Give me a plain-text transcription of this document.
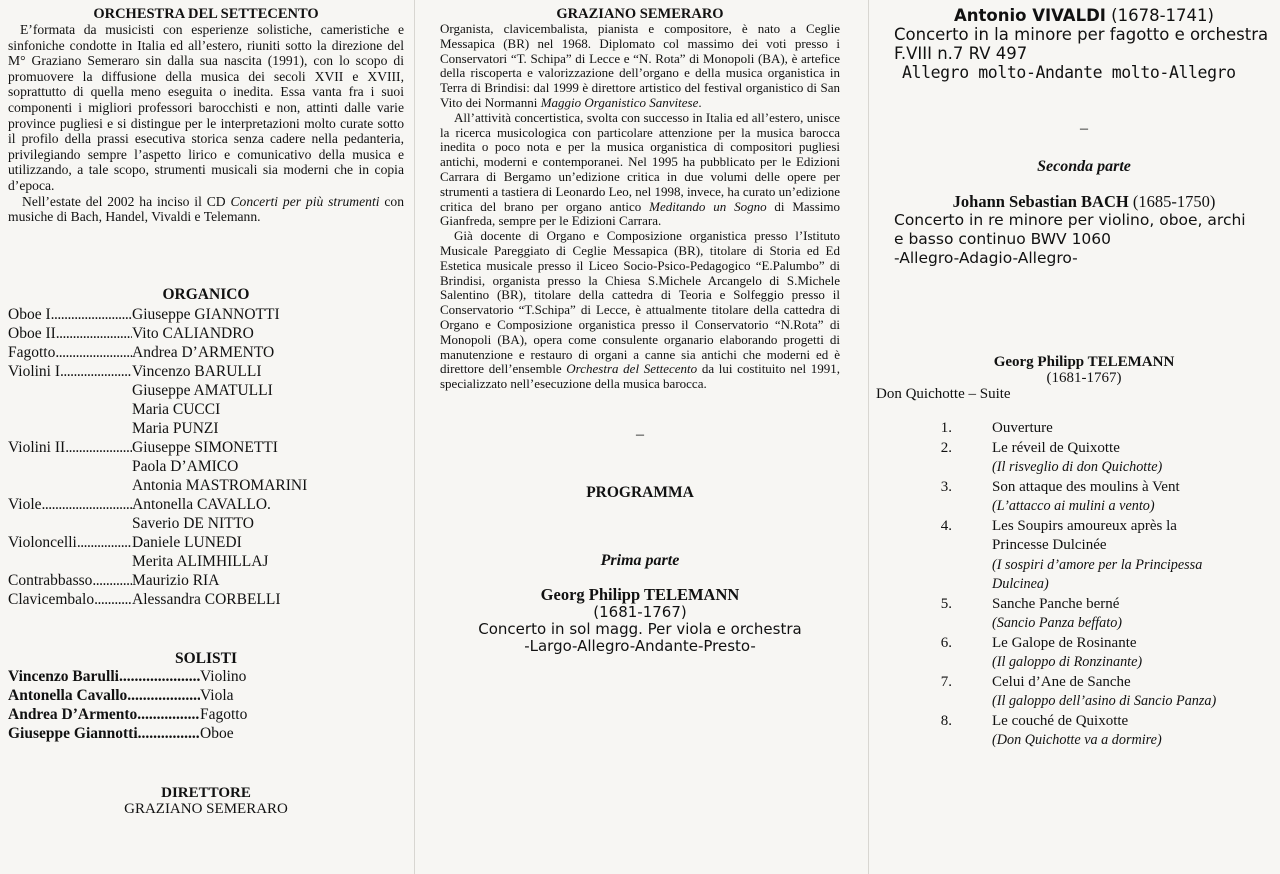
ORCHESTRA DEL SETTECENTO

E’formata da musicisti con esperienze solistiche, cameristiche e sinfoniche condotte in Italia ed all’estero, riuniti sotto la direzione del M° Graziano Semeraro sin dalla sua nascita (1991), con lo scopo di promuovere la diffusione della musica dei secoli XVII e XVIII, soprattutto di quella meno eseguita o inedita. Essa vanta fra i suoi componenti i migliori professori barocchisti e non, attinti dalle varie province pugliesi e si distingue per le interpretazioni molto curate sotto il profilo della prassi esecutiva storica senza cadere nella pedanteria, privilegiando sempre l’aspetto lirico e comunicativo della musica e utilizzando, a tale scopo, strumenti musicali sia moderni che in copia d’epoca.

Nell’estate del 2002 ha inciso il CD Concerti per più strumenti con musiche di Bach, Handel, Vivaldi e Telemann.

ORGANICO
Oboe I .....	Giuseppe GIANNOTTI
Oboe II .....	Vito CALIANDRO
Fagotto .....	Andrea D’ARMENTO
Violini I .....	Vincenzo BARULLI
Giuseppe AMATULLI
Maria CUCCI
Maria PUNZI
Violini II .....	Giuseppe SIMONETTI
Paola D’AMICO
Antonia MASTROMARINI
Viole .....	Antonella CAVALLO.
Saverio DE NITTO
Violoncelli .....	Daniele LUNEDI
Merita ALIMHILLAJ
Contrabbasso .....	Maurizio RIA
Clavicembalo .....	Alessandra CORBELLI
SOLISTI
Vincenzo Barulli .....	Violino
Antonella Cavallo .....	Viola
Andrea D’Armento .....	Fagotto
Giuseppe Giannotti .....	Oboe
DIRETTORE
GRAZIANO SEMERARO
GRAZIANO SEMERARO

Organista, clavicembalista, pianista e compositore, è nato a Ceglie Messapica (BR) nel 1968. Diplomato col massimo dei voti presso i Conservatori “T. Schipa” di Lecce e “N. Rota” di Monopoli (BA), è artefice della riscoperta e valorizzazione dell’organo e della musica organistica in Terra di Brindisi: dal 1999 è direttore artistico del festival organistico di San Vito dei Normanni Maggio Organistico Sanvitese.

All’attività concertistica, svolta con successo in Italia ed all’estero, unisce la ricerca musicologica con particolare attenzione per la musica barocca inedita o poco nota e per la musica organistica di compositori pugliesi antichi, moderni e contemporanei. Nel 1995 ha pubblicato per le Edizioni Carrara di Bergamo un’edizione critica in due volumi delle opere per strumenti a tastiera di Leonardo Leo, nel 1998, invece, ha curato un’edizione critica del brano per organo antico Meditando un Sogno di Massimo Gianfreda, sempre per le Edizioni Carrara.

Già docente di Organo e Composizione organistica presso l’Istituto Musicale Pareggiato di Ceglie Messapica (BR), titolare di Storia ed Ed Estetica musicale presso il Liceo Socio-Psico-Pedagogico “E.Palumbo” di Brindisi, organista presso la Chiesa S.Michele Arcangelo di S.Michele Salentino (BR), titolare della cattedra di Teoria e Solfeggio presso il Conservatorio “T.Schipa” di Lecce, è attualmente titolare della cattedra di Organo e Composizione organistica presso il Conservatorio “N.Rota” di Monopoli (BA), opera come consulente organario elaborando progetti di manutenzione e restauro di organi a canne sia antichi che moderni ed è direttore dell’ensemble Orchestra del Settecento da lui costituito nel 1991, specializzato nell’esecuzione della musica barocca.

–
PROGRAMMA
Prima parte
Georg Philipp TELEMANN
(1681-1767)
Concerto in sol magg. Per viola e orchestra
-Largo-Allegro-Andante-Presto-
Antonio VIVALDI (1678-1741)
Concerto in la minore per fagotto e orchestra
F.VIII n.7 RV 497
Allegro molto-Andante molto-Allegro
–
Seconda parte
Johann Sebastian BACH (1685-1750)
Concerto in re minore per violino, oboe, archi
e basso continuo BWV 1060
-Allegro-Adagio-Allegro-
Georg Philipp TELEMANN
(1681-1767)
Don Quichotte – Suite
1.	Ouverture
2.	Le réveil de Quixotte
(Il risveglio di don Quichotte)
3.	Son attaque des moulins à Vent
(L’attacco ai mulini a vento)
4.	Les Soupirs amoureux après la
Princesse Dulcinée
(I sospiri d’amore per la Principessa
Dulcinea)
5.	Sanche Panche berné
(Sancio Panza beffato)
6.	Le Galope de Rosinante
(Il galoppo di Ronzinante)
7.	Celui d’Ane de Sanche
(Il galoppo dell’asino di Sancio Panza)
8.	Le couché de Quixotte
(Don Quichotte va a dormire)
